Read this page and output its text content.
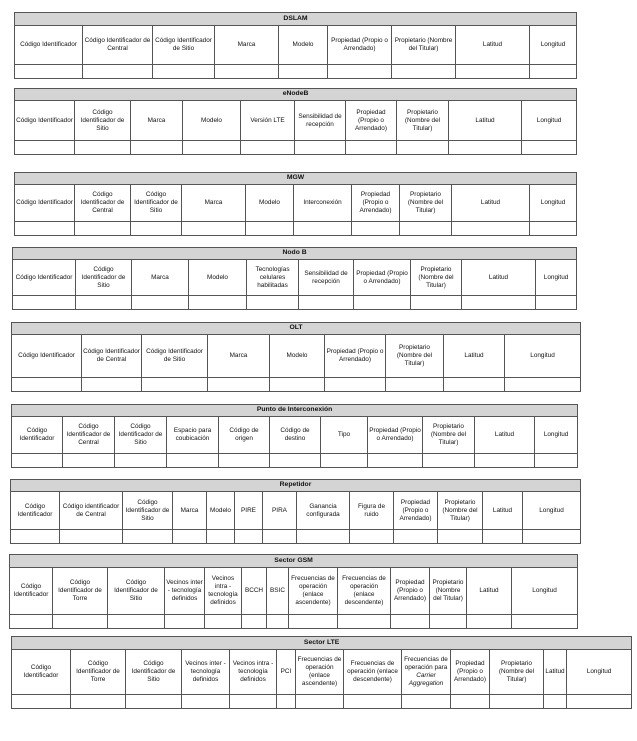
DSLAM								
Código Identificador	Código Identificador de Central	Código Identificador de Sitio	Marca	Modelo	Propiedad (Propio o Arrendado)	Propietario (Nombre del Titular)	Latitud	Longitud

eNodeB									
Código Identificador	Código Identificador de Sitio	Marca	Modelo	Versión LTE	Sensibilidad de recepción	Propiedad (Propio o Arrendado)	Propietario (Nombre del Titular)	Latitud	Longitud

MGW									
Código Identificador	Código Identificador de Central	Código Identificador de Sitio	Marca	Modelo	Interconexión	Propiedad (Propio o Arrendado)	Propietario (Nombre del Titular)	Latitud	Longitud

Nodo B									
Código Identificador	Código Identificador de Sitio	Marca	Modelo	Tecnologías celulares habilitadas	Sensibilidad de recepción	Propiedad (Propio o Arrendado)	Propietario (Nombre del Titular)	Latitud	Longitud

OLT								
Código Identificador	Código Identificador de Central	Código Identificador de Sitio	Marca	Modelo	Propiedad (Propio o Arrendado)	Propietario (Nombre del Titular)	Latitud	Longitud

Punto de Interconexión										
Código Identificador	Código Identificador de Central	Código Identificador de Sitio	Espacio para coubicación	Código de origen	Código de destino	Tipo	Propiedad (Propio o Arrendado)	Propietario (Nombre del Titular)	Latitud	Longitud

Repetidor												
Código Identificador	Código identificador de Central	Código Identificador de Sitio	Marca	Modelo	PIRE	PIRA	Ganancia configurada	Figura de ruido	Propiedad (Propio o Arrendado)	Propietario (Nombre del Titular)	Latitud	Longitud

Sector GSM												
Código Identificador	Código Identificador de Torre	Código Identificador de Sitio	Vecinos inter - tecnología definidos	Vecinos intra - tecnología definidos	BCCH	BSIC	Frecuencias de operación (enlace ascendente)	Frecuencias de operación (enlace descendente)	Propiedad (Propio o Arrendado)	Propietario (Nombre del Titular)	Latitud	Longitud

Sector LTE												
Código Identificador	Código Identificador de Torre	Código Identificador de Sitio	Vecinos inter - tecnología definidos	Vecinos intra - tecnología definidos	PCI	Frecuencias de operación (enlace ascendente)	Frecuencias de operación (enlace descendente)	Frecuencias de operación para Carrier Aggregation	Propiedad (Propio o Arrendado)	Propietario (Nombre del Titular)	Latitud	Longitud
